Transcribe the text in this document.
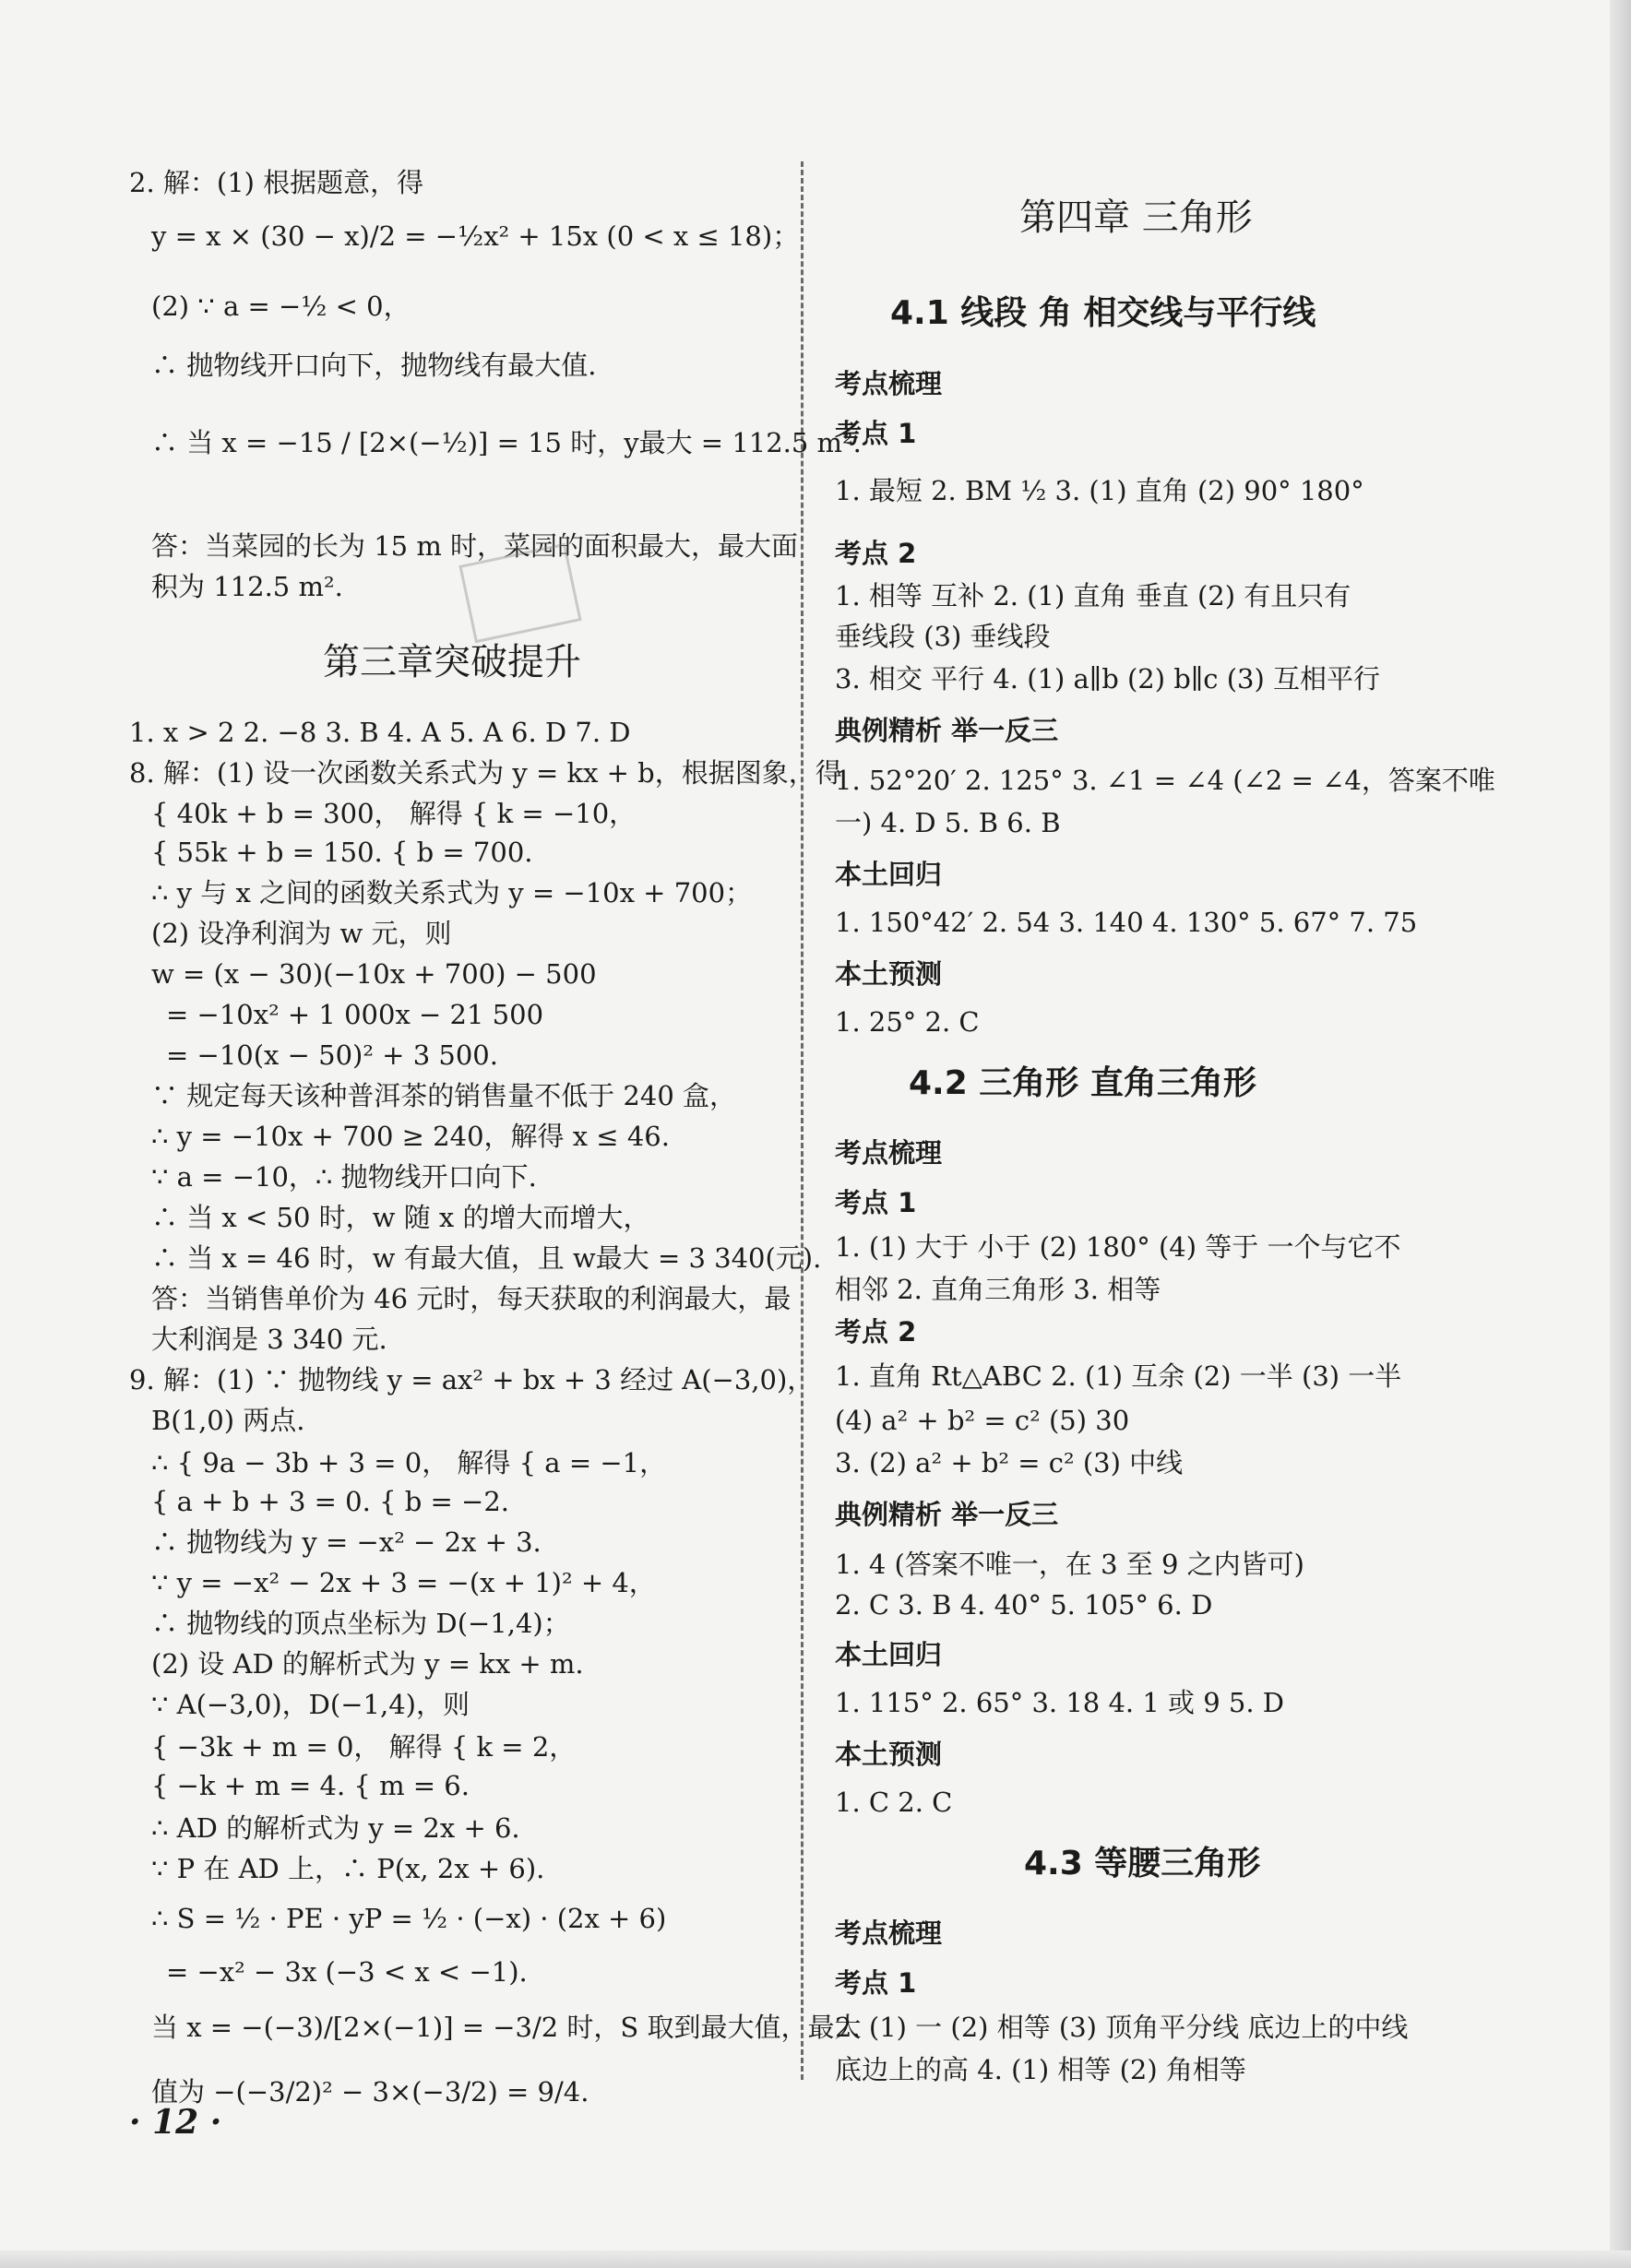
2. 解：(1) 根据题意，得
y = x × (30 − x)/2 = −½x² + 15x (0 < x ≤ 18)；
(2) ∵ a = −½ < 0，
∴ 抛物线开口向下，抛物线有最大值.
∴ 当 x = −15 / [2×(−½)] = 15 时，y最大 = 112.5 m².
答：当菜园的长为 15 m 时，菜园的面积最大，最大面
积为 112.5 m².
第三章突破提升
1. x > 2 2. −8 3. B 4. A 5. A 6. D 7. D
8. 解：(1) 设一次函数关系式为 y = kx + b，根据图象，得
{ 40k + b = 300， 解得 { k = −10，
{ 55k + b = 150. { b = 700.
∴ y 与 x 之间的函数关系式为 y = −10x + 700；
(2) 设净利润为 w 元，则
w = (x − 30)(−10x + 700) − 500
= −10x² + 1 000x − 21 500
= −10(x − 50)² + 3 500.
∵ 规定每天该种普洱茶的销售量不低于 240 盒，
∴ y = −10x + 700 ≥ 240，解得 x ≤ 46.
∵ a = −10，∴ 抛物线开口向下.
∴ 当 x < 50 时，w 随 x 的增大而增大，
∴ 当 x = 46 时，w 有最大值，且 w最大 = 3 340(元).
答：当销售单价为 46 元时，每天获取的利润最大，最
大利润是 3 340 元.
9. 解：(1) ∵ 抛物线 y = ax² + bx + 3 经过 A(−3,0)，
B(1,0) 两点.
∴ { 9a − 3b + 3 = 0， 解得 { a = −1，
{ a + b + 3 = 0. { b = −2.
∴ 抛物线为 y = −x² − 2x + 3.
∵ y = −x² − 2x + 3 = −(x + 1)² + 4，
∴ 抛物线的顶点坐标为 D(−1,4)；
(2) 设 AD 的解析式为 y = kx + m.
∵ A(−3,0)，D(−1,4)，则
{ −3k + m = 0， 解得 { k = 2，
{ −k + m = 4. { m = 6.
∴ AD 的解析式为 y = 2x + 6.
∵ P 在 AD 上，∴ P(x, 2x + 6).
∴ S = ½ · PE · yP = ½ · (−x) · (2x + 6)
= −x² − 3x (−3 < x < −1).
当 x = −(−3)/[2×(−1)] = −3/2 时，S 取到最大值，最大
值为 −(−3/2)² − 3×(−3/2) = 9/4.
第四章 三角形
4.1 线段 角 相交线与平行线
考点梳理
考点 1
1. 最短 2. BM ½ 3. (1) 直角 (2) 90° 180°
考点 2
1. 相等 互补 2. (1) 直角 垂直 (2) 有且只有
垂线段 (3) 垂线段
3. 相交 平行 4. (1) a∥b (2) b∥c (3) 互相平行
典例精析 举一反三
1. 52°20′ 2. 125° 3. ∠1 = ∠4 (∠2 = ∠4，答案不唯
一) 4. D 5. B 6. B
本土回归
1. 150°42′ 2. 54 3. 140 4. 130° 5. 67° 7. 75
本土预测
1. 25° 2. C
4.2 三角形 直角三角形
考点梳理
考点 1
1. (1) 大于 小于 (2) 180° (4) 等于 一个与它不
相邻 2. 直角三角形 3. 相等
考点 2
1. 直角 Rt△ABC 2. (1) 互余 (2) 一半 (3) 一半
(4) a² + b² = c² (5) 30
3. (2) a² + b² = c² (3) 中线
典例精析 举一反三
1. 4 (答案不唯一，在 3 至 9 之内皆可)
2. C 3. B 4. 40° 5. 105° 6. D
本土回归
1. 115° 2. 65° 3. 18 4. 1 或 9 5. D
本土预测
1. C 2. C
4.3 等腰三角形
考点梳理
考点 1
2. (1) 一 (2) 相等 (3) 顶角平分线 底边上的中线
底边上的高 4. (1) 相等 (2) 角相等
· 12 ·
